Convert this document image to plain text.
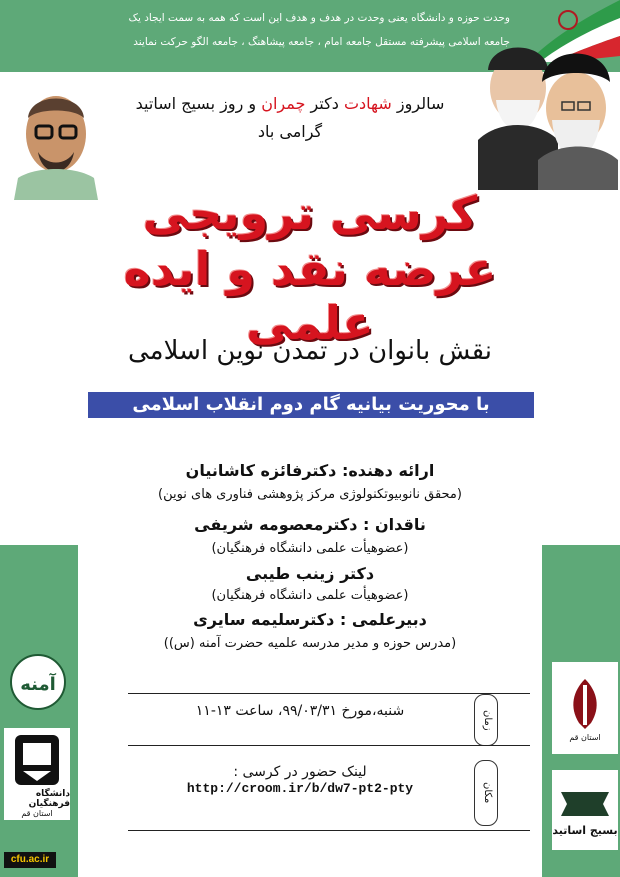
وحدت حوزه و دانشگاه یعنی وحدت در هدف و هدف این است که همه به سمت ایجاد یک
جامعه اسلامی پیشرفته مستقل جامعه امام ، جامعه پیشاهنگ ، جامعه الگو حرکت نمایند
سالروز شهادت دکتر چمران و روز بسیج اساتید
گرامی باد
کرسی ترویجی
عرضه نقد و ایده علمی
نقش بانوان در تمدن نوین اسلامی
با محوریت بیانیه گام دوم انقلاب اسلامی
ارائه دهنده: دکترفائزه کاشانیان
(محقق نانوبیوتکنولوژی مرکز پژوهشی فناوری های نوین)
ناقدان : دکترمعصومه شریفی
(عضوهیأت علمی دانشگاه فرهنگیان)
دکتر زینب طیبی
(عضوهیأت علمی دانشگاه فرهنگیان)
دبیرعلمی : دکترسلیمه سایری
(مدرس حوزه و مدیر مدرسه علمیه حضرت آمنه (س))
شنبه،مورخ ۹۹/۰۳/۳۱، ساعت ۱۳-۱۱	زمان
مکان
لینک حضور در کرسی :
http://croom.ir/b/dw7-pt2-pty
آمنه
دانشگاه فرهنگیان
استان قم
cfu.ac.ir
استان قم
بسیج اساتید
